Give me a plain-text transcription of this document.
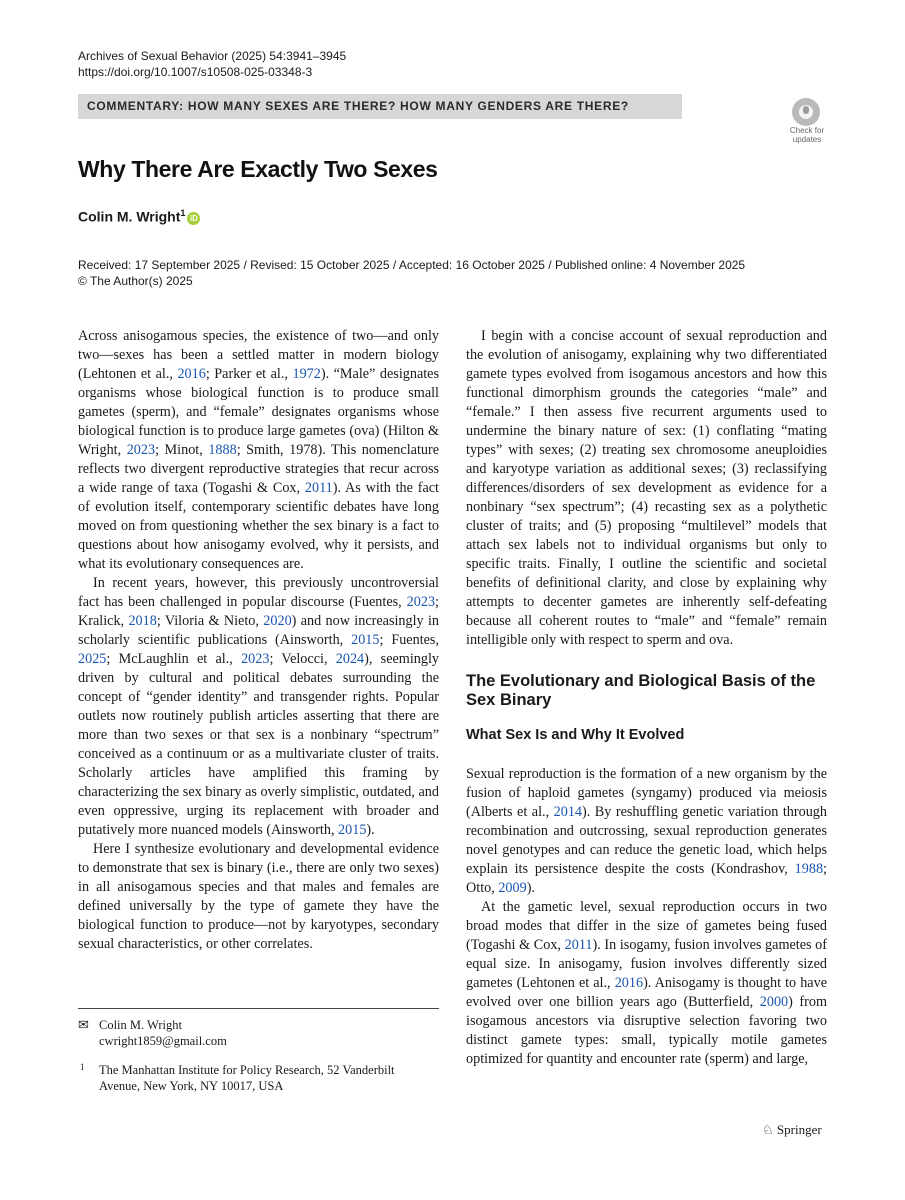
Archives of Sexual Behavior (2025) 54:3941–3945
https://doi.org/10.1007/s10508-025-03348-3
COMMENTARY: HOW MANY SEXES ARE THERE? HOW MANY GENDERS ARE THERE?
Check for
updates
Why There Are Exactly Two Sexes
Colin M. Wright$^1$iD
Received: 17 September 2025 / Revised: 15 October 2025 / Accepted: 16 October 2025 / Published online: 4 November 2025
© The Author(s) 2025

Across anisogamous species, the existence of two—and only two—sexes has been a settled matter in modern biology (Lehtonen et al., 2016; Parker et al., 1972). “Male” designates organisms whose biological function is to produce small gametes (sperm), and “female” designates organisms whose biological function is to produce large gametes (ova) (Hilton & Wright, 2023; Minot, 1888; Smith, 1978). This nomenclature reflects two divergent reproductive strategies that recur across a wide range of taxa (Togashi & Cox, 2011). As with the fact of evolution itself, contemporary scientific debates have long moved on from questioning whether the sex binary is a fact to questions about how anisogamy evolved, why it persists, and what its evolutionary consequences are.

In recent years, however, this previously uncontroversial fact has been challenged in popular discourse (Fuentes, 2023; Kralick, 2018; Viloria & Nieto, 2020) and now increasingly in scholarly scientific publications (Ainsworth, 2015; Fuentes, 2025; McLaughlin et al., 2023; Velocci, 2024), seemingly driven by cultural and political debates surrounding the concept of “gender identity” and transgender rights. Popular outlets now routinely publish articles asserting that there are more than two sexes or that sex is a nonbinary “spectrum” conceived as a continuum or as a multivariate cluster of traits. Scholarly articles have amplified this framing by characterizing the sex binary as overly simplistic, outdated, and even oppressive, urging its replacement with broader and putatively more nuanced models (Ainsworth, 2015).

Here I synthesize evolutionary and developmental evidence to demonstrate that sex is binary (i.e., there are only two sexes) in all anisogamous species and that males and females are defined universally by the type of gamete they have the biological function to produce—not by karyotypes, secondary sexual characteristics, or other correlates.

✉ Colin M. Wright
cwright1859@gmail.com
1 The Manhattan Institute for Policy Research, 52 Vanderbilt Avenue, New York, NY 10017, USA

I begin with a concise account of sexual reproduction and the evolution of anisogamy, explaining why two differentiated gamete types evolved from isogamous ancestors and how this functional dimorphism grounds the categories “male” and “female.” I then assess five recurrent arguments used to undermine the binary nature of sex: (1) conflating “mating types” with sexes; (2) treating sex chromosome aneuploidies and karyotype variation as additional sexes; (3) reclassifying differences/disorders of sex development as evidence for a nonbinary “sex spectrum”; (4) recasting sex as a polythetic cluster of traits; and (5) proposing “multilevel” models that attach sex labels not to individual organisms but only to specific traits. Finally, I outline the scientific and societal benefits of definitional clarity, and close by explaining why attempts to decenter gametes are inherently self-defeating because all coherent routes to “male” and “female” remain intelligible only with respect to sperm and ova.

The Evolutionary and Biological Basis of the Sex Binary
What Sex Is and Why It Evolved

Sexual reproduction is the formation of a new organism by the fusion of haploid gametes (syngamy) produced via meiosis (Alberts et al., 2014). By reshuffling genetic variation through recombination and outcrossing, sexual reproduction generates novel genotypes and can reduce the genetic load, which helps explain its persistence despite the costs (Kondrashov, 1988; Otto, 2009).

At the gametic level, sexual reproduction occurs in two broad modes that differ in the size of gametes being fused (Togashi & Cox, 2011). In isogamy, fusion involves gametes of equal size. In anisogamy, fusion involves differently sized gametes (Lehtonen et al., 2016). Anisogamy is thought to have evolved over one billion years ago (Butterfield, 2000) from isogamous ancestors via disruptive selection favoring two distinct gamete types: small, typically motile gametes optimized for quantity and encounter rate (sperm) and large,

♘ Springer
